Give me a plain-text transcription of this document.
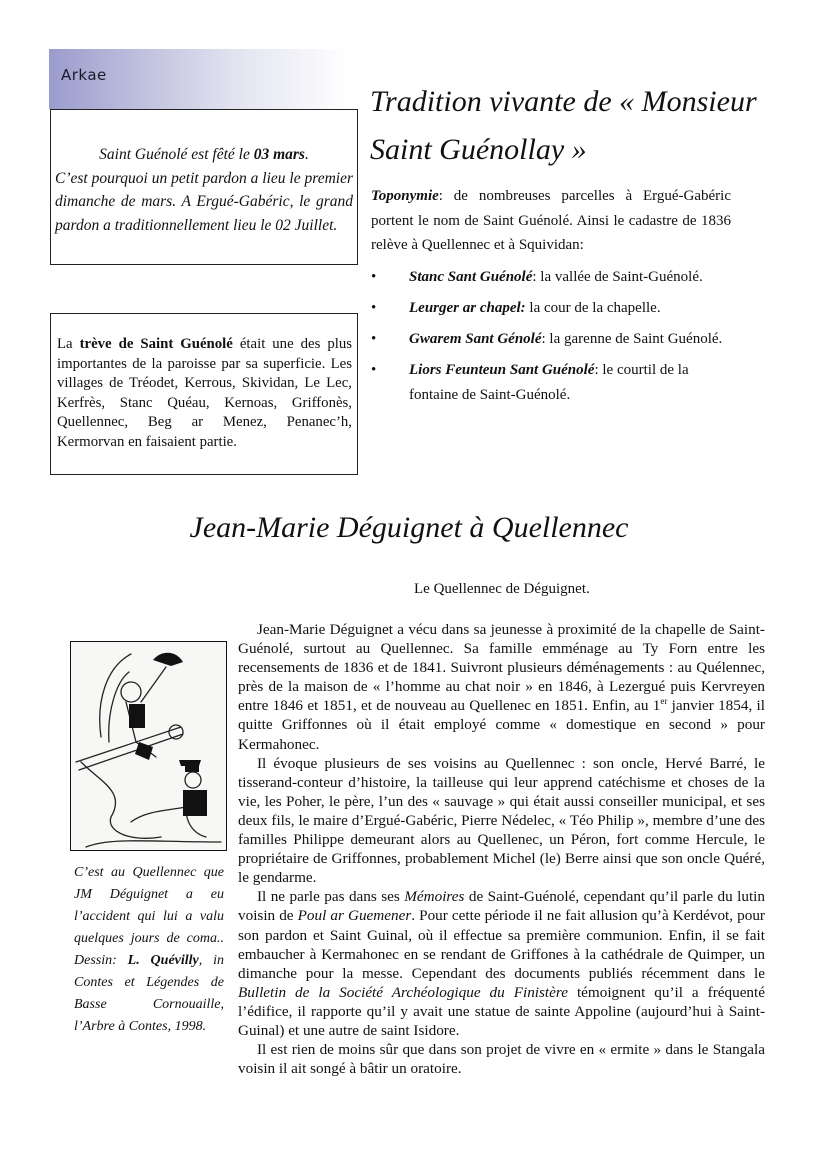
Arkae

Saint Guénolé est fêté le 03 mars.

C’est pourquoi un petit pardon a lieu le premier dimanche de mars. A Ergué-Gabéric, le grand pardon a traditionnellement lieu le 02 Juillet.

La trève de Saint Guénolé était une des plus importantes de la paroisse par sa superficie. Les villages de Tréodet, Kerrous, Skividan, Le Lec, Kerfrès, Stanc Quéau, Kernoas, Griffonès, Quellennec, Beg ar Menez, Penanec’h, Kermorvan en faisaient partie.

Tradition vivante de « Monsieur Saint Guénollay »

Toponymie: de nombreuses parcelles à Ergué-Gabéric portent le nom de Saint Guénolé. Ainsi le cadastre de 1836 relève à Quellennec et à Squividan:

• Stanc Sant Guénolé: la vallée de Saint-Guénolé.
• Leurger ar chapel: la cour de la chapelle.
• Gwarem Sant Génolé: la garenne de Saint Guénolé.
• Liors Feunteun Sant Guénolé: le courtil de la fontaine de Saint-Guénolé.
Jean-Marie Déguignet à Quellennec

Le Quellennec de Déguignet.

C’est au Quellennec que JM Déguignet a eu l’accident qui lui a valu quelques jours de coma.. Dessin: L. Quévilly, in Contes et Légendes de Basse Cornouaille, l’Arbre à Contes, 1998.

Jean-Marie Déguignet a vécu dans sa jeunesse à proximité de la chapelle de Saint-Guénolé, surtout au Quellennec. Sa famille emménage au Ty Forn entre les recensements de 1836 et de 1841. Suivront plusieurs déménagements : au Quélennec, près de la maison de « l’homme au chat noir » en 1846, à Lezergué puis Kervreyen entre 1846 et 1851, et de nouveau au Quellenec en 1851. Enfin, au 1er janvier 1854, il quitte Griffonnes où il était employé comme « domestique en second » pour Kermahonec.

Il évoque plusieurs de ses voisins au Quellennec : son oncle, Hervé Barré, le tisserand-conteur d’histoire, la tailleuse qui leur apprend catéchisme et choses de la vie, les Poher, le père, l’un des « sauvage » qui était aussi conseiller municipal, et ses deux fils, le maire d’Ergué-Gabéric, Pierre Nédelec, « Téo Philip », membre d’une des familles Philippe demeurant alors au Quellenec, un Péron, fort comme Hercule, le propriétaire de Griffonnes, probablement Michel (le) Berre ainsi que son oncle Quéré, le gendarme.

Il ne parle pas dans ses Mémoires de Saint-Guénolé, cependant qu’il parle du lutin voisin de Poul ar Guemener. Pour cette période il ne fait allusion qu’à Kerdévot, pour son pardon et Saint Guinal, où il effectue sa première communion. Enfin, il se fait embaucher à Kermahonec en se rendant de Griffones à la cathédrale de Quimper, un dimanche pour la messe. Cependant des documents publiés récemment dans le Bulletin de la Société Archéologique du Finistère témoignent qu’il a fréquenté l’édifice, il rapporte qu’il y avait une statue de sainte Appoline (aujourd’hui à Saint-Guinal) et une autre de saint Isidore.

Il est rien de moins sûr que dans son projet de vivre en « ermite » dans le Stangala voisin il ait songé à bâtir un oratoire.
